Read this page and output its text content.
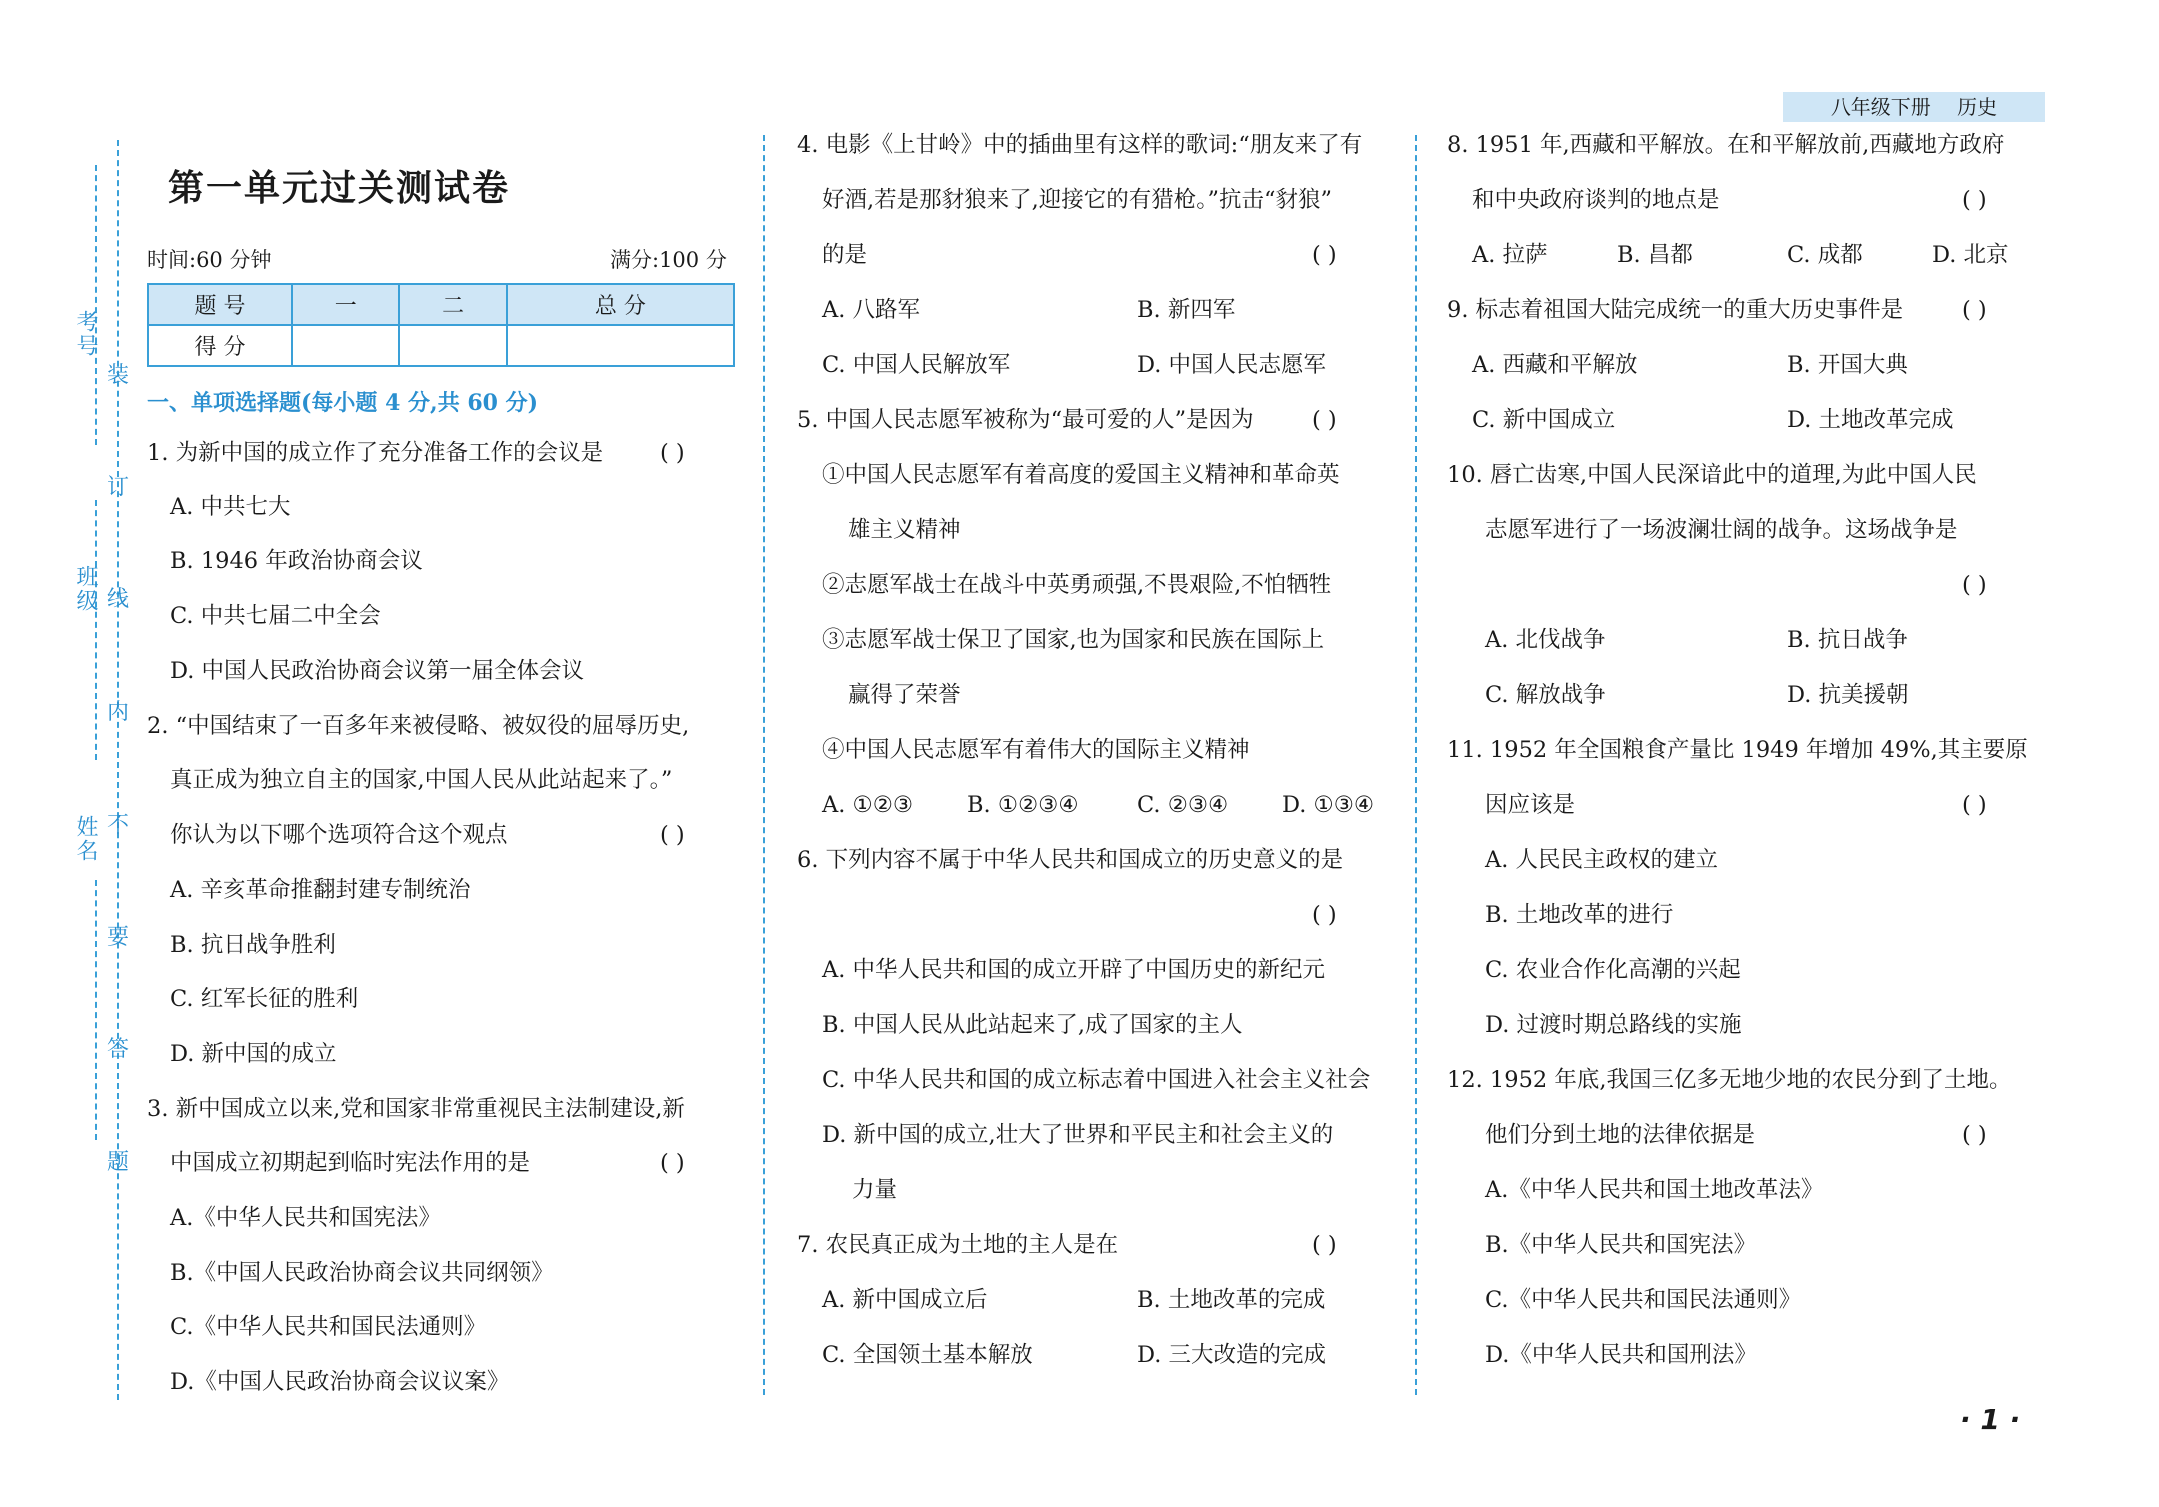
八年级下册 历史
考号
班级
姓名
装
订
线
内
不
要
答
题
第一单元过关测试卷
时间:60 分钟	满分:100 分
题 号	一	二	总 分
得 分			
一、单项选择题(每小题 4 分,共 60 分)
1. 为新中国的成立作了充分准备工作的会议是	( )
A. 中共七大
B. 1946 年政治协商会议
C. 中共七届二中全会
D. 中国人民政治协商会议第一届全体会议
2. “中国结束了一百多年来被侵略、被奴役的屈辱历史,
真正成为独立自主的国家,中国人民从此站起来了。”
你认为以下哪个选项符合这个观点	( )
A. 辛亥革命推翻封建专制统治
B. 抗日战争胜利
C. 红军长征的胜利
D. 新中国的成立
3. 新中国成立以来,党和国家非常重视民主法制建设,新
中国成立初期起到临时宪法作用的是	( )
A.《中华人民共和国宪法》
B.《中国人民政治协商会议共同纲领》
C.《中华人民共和国民法通则》
D.《中国人民政治协商会议议案》
4. 电影《上甘岭》中的插曲里有这样的歌词:“朋友来了有
好酒,若是那豺狼来了,迎接它的有猎枪。”抗击“豺狼”
的是	( )
A. 八路军	B. 新四军
C. 中国人民解放军	D. 中国人民志愿军
5. 中国人民志愿军被称为“最可爱的人”是因为	( )
①中国人民志愿军有着高度的爱国主义精神和革命英
雄主义精神
②志愿军战士在战斗中英勇顽强,不畏艰险,不怕牺牲
③志愿军战士保卫了国家,也为国家和民族在国际上
赢得了荣誉
④中国人民志愿军有着伟大的国际主义精神
A. ①②③ B. ①②③④	C. ②③④ D. ①③④
6. 下列内容不属于中华人民共和国成立的历史意义的是
( )
A. 中华人民共和国的成立开辟了中国历史的新纪元
B. 中国人民从此站起来了,成了国家的主人
C. 中华人民共和国的成立标志着中国进入社会主义社会
D. 新中国的成立,壮大了世界和平民主和社会主义的
力量
7. 农民真正成为土地的主人是在	( )
A. 新中国成立后	B. 土地改革的完成
C. 全国领土基本解放	D. 三大改造的完成
8. 1951 年,西藏和平解放。在和平解放前,西藏地方政府
和中央政府谈判的地点是	( )
A. 拉萨	B. 昌都	C. 成都	D. 北京
9. 标志着祖国大陆完成统一的重大历史事件是	( )
A. 西藏和平解放	B. 开国大典
C. 新中国成立	D. 土地改革完成
10. 唇亡齿寒,中国人民深谙此中的道理,为此中国人民
志愿军进行了一场波澜壮阔的战争。这场战争是
( )
A. 北伐战争	B. 抗日战争
C. 解放战争	D. 抗美援朝
11. 1952 年全国粮食产量比 1949 年增加 49%,其主要原
因应该是	( )
A. 人民民主政权的建立
B. 土地改革的进行
C. 农业合作化高潮的兴起
D. 过渡时期总路线的实施
12. 1952 年底,我国三亿多无地少地的农民分到了土地。
他们分到土地的法律依据是	( )
A.《中华人民共和国土地改革法》
B.《中华人民共和国宪法》
C.《中华人民共和国民法通则》
D.《中华人民共和国刑法》
· 1 ·
